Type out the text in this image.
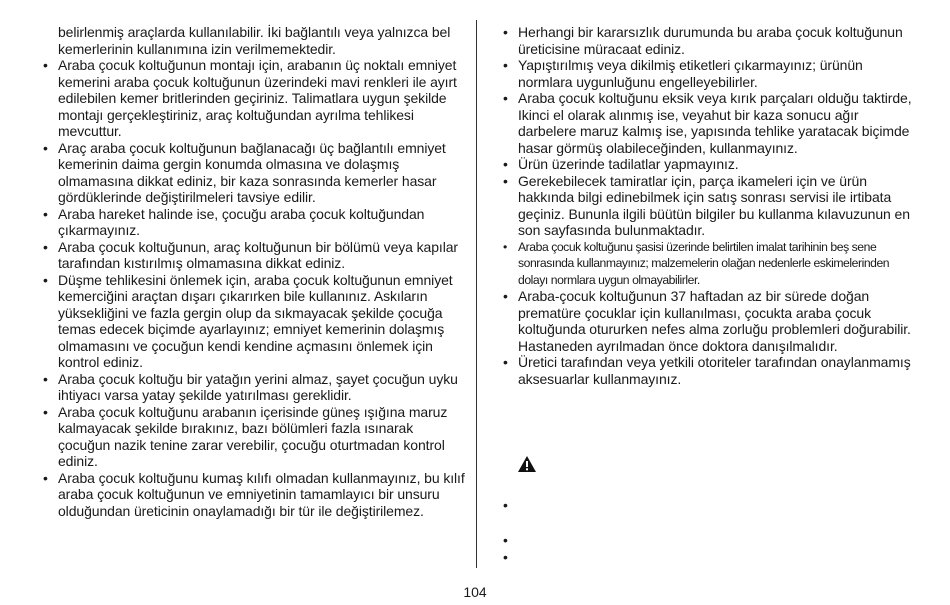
belirlenmiş araçlarda kullanılabilir. İki bağlantılı veya yalnızca bel kemerlerinin kullanımına izin verilmemektedir.

• Araba çocuk koltuğunun montajı için, arabanın üç noktalı emniyet kemerini araba çocuk koltuğunun üzerindeki mavi renkleri ile ayırt edilebilen kemer britlerinden geçiriniz. Talimatlara uygun şekilde montajı gerçekleştiriniz, araç koltuğundan ayrılma tehlikesi mevcuttur.
• Araç araba çocuk koltuğunun bağlanacağı üç bağlantılı emniyet kemerinin daima gergin konumda olmasına ve dolaşmış olmamasına dikkat ediniz, bir kaza sonrasında kemerler hasar gördüklerinde değiştirilmeleri tavsiye edilir.
• Araba hareket halinde ise, çocuğu araba çocuk koltuğundan çıkarmayınız.
• Araba çocuk koltuğunun, araç koltuğunun bir bölümü veya kapılar tarafından kıstırılmış olmamasına dikkat ediniz.
• Düşme tehlikesini önlemek için, araba çocuk koltuğunun emniyet kemerciğini araçtan dışarı çıkarırken bile kullanınız. Askıların yüksekliğini ve fazla gergin olup da sıkmayacak şekilde çocuğa temas edecek biçimde ayarlayınız; emniyet kemerinin dolaşmış olmamasını ve çocuğun kendi kendine açmasını önlemek için kontrol ediniz.
• Araba çocuk koltuğu bir yatağın yerini almaz, şayet çocuğun uyku ihtiyacı varsa yatay şekilde yatırılması gereklidir.
• Araba çocuk koltuğunu arabanın içerisinde güneş ışığına maruz kalmayacak şekilde bırakınız, bazı bölümleri fazla ısınarak çocuğun nazik tenine zarar verebilir, çocuğu oturtmadan kontrol ediniz.
• Araba çocuk koltuğunu kumaş kılıfı olmadan kullanmayınız, bu kılıf araba çocuk koltuğunun ve emniyetinin tamamlayıcı bir unsuru olduğundan üreticinin onaylamadığı bir tür ile değiştirilemez.
• Herhangi bir kararsızlık durumunda bu araba çocuk koltuğunun üreticisine müracaat ediniz.
• Yapıştırılmış veya dikilmiş etiketleri çıkarmayınız; ürünün normlara uygunluğunu engelleyebilirler.
• Araba çocuk koltuğunu eksik veya kırık parçaları olduğu taktirde, Ikinci el olarak alınmış ise, veyahut bir kaza sonucu ağır darbelere maruz kalmış ise, yapısında tehlike yaratacak biçimde hasar görmüş olabileceğinden, kullanmayınız.
• Ürün üzerinde tadilatlar yapmayınız.
• Gerekebilecek tamiratlar için, parça ikameleri için ve ürün hakkında bilgi edinebilmek için satış sonrası servisi ile irtibata geçiniz. Bununla ilgili büütün bilgiler bu kullanma kılavuzunun en son sayfasında bulunmaktadır.
• Araba çocuk koltuğunu şasisi üzerinde belirtilen imalat tarihinin beş sene sonrasında kullanmayınız; malzemelerin olağan nedenlerle eskimelerinden dolayı normlara uygun olmayabilirler.
• Araba-çocuk koltuğunun 37 haftadan az bir sürede doğan prematüre çocuklar için kullanılması, çocukta araba çocuk koltuğunda otururken nefes alma zorluğu problemleri doğurabilir. Hastaneden ayrılmadan önce doktora danışılmalıdır.
• Üretici tarafından veya yetkili otoriteler tarafından onaylanmamış aksesuarlar kullanmayınız.
•
•
•
104
